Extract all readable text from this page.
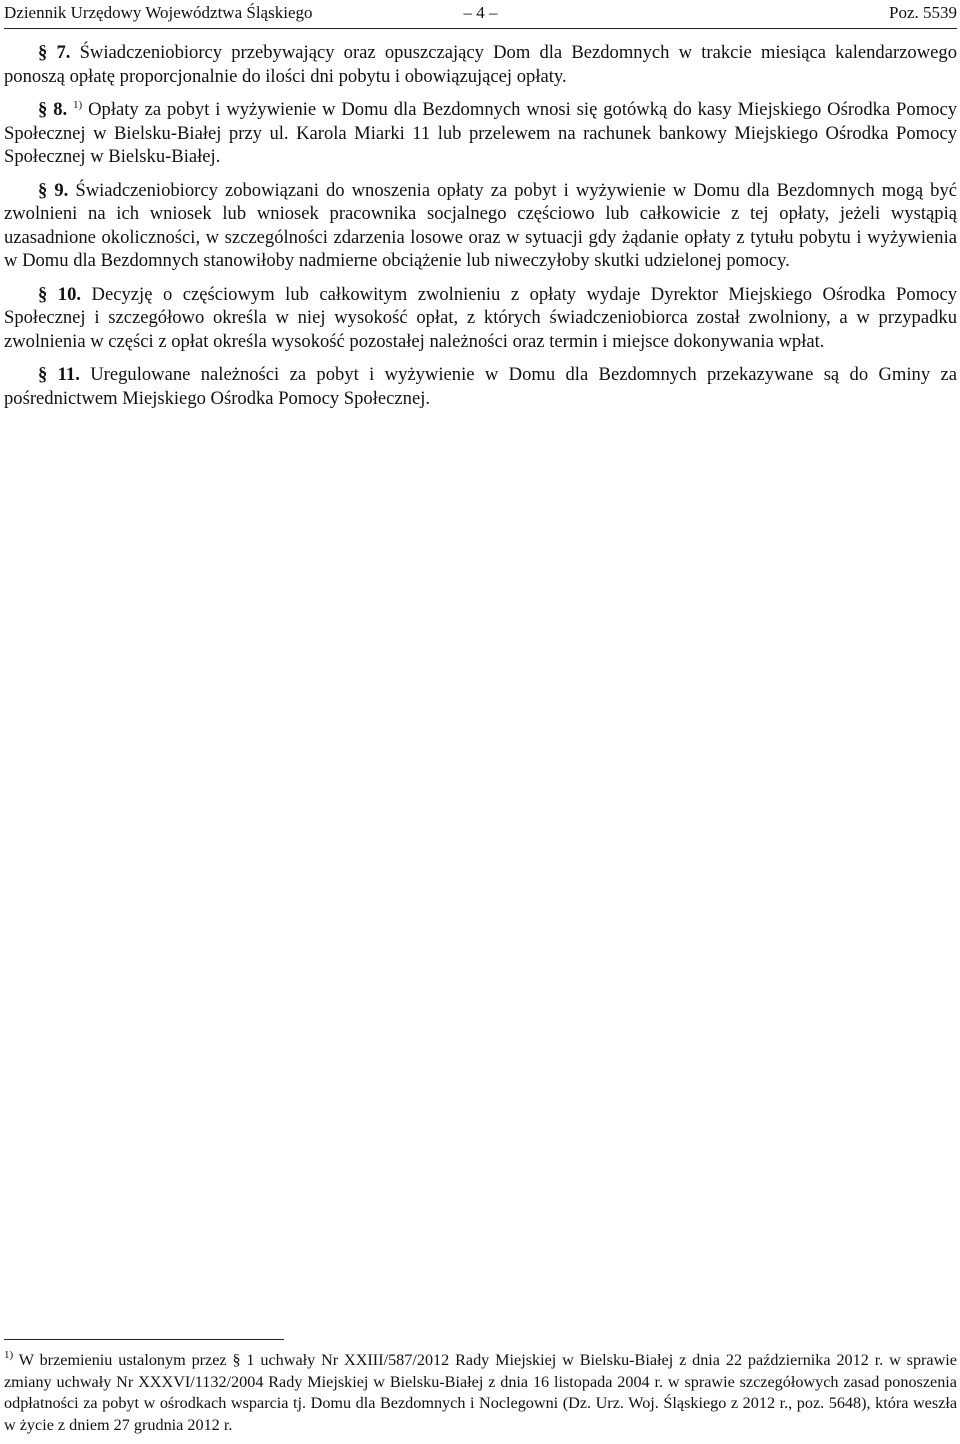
Dziennik Urzędowy Województwa Śląskiego	– 4 –	Poz. 5539

§ 7. Świadczeniobiorcy przebywający oraz opuszczający Dom dla Bezdomnych w trakcie miesiąca kalendarzowego ponoszą opłatę proporcjonalnie do ilości dni pobytu i obowiązującej opłaty.

§ 8. $^{1)}$ Opłaty za pobyt i wyżywienie w Domu dla Bezdomnych wnosi się gotówką do kasy Miejskiego Ośrodka Pomocy Społecznej w Bielsku-Białej przy ul. Karola Miarki 11 lub przelewem na rachunek bankowy Miejskiego Ośrodka Pomocy Społecznej w Bielsku-Białej.

§ 9. Świadczeniobiorcy zobowiązani do wnoszenia opłaty za pobyt i wyżywienie w Domu dla Bezdomnych mogą być zwolnieni na ich wniosek lub wniosek pracownika socjalnego częściowo lub całkowicie z tej opłaty, jeżeli wystąpią uzasadnione okoliczności, w szczególności zdarzenia losowe oraz w sytuacji gdy żądanie opłaty z tytułu pobytu i wyżywienia w Domu dla Bezdomnych stanowiłoby nadmierne obciążenie lub niweczyłoby skutki udzielonej pomocy.

§ 10. Decyzję o częściowym lub całkowitym zwolnieniu z opłaty wydaje Dyrektor Miejskiego Ośrodka Pomocy Społecznej i szczegółowo określa w niej wysokość opłat, z których świadczeniobiorca został zwolniony, a w przypadku zwolnienia w części z opłat określa wysokość pozostałej należności oraz termin i miejsce dokonywania wpłat.

§ 11. Uregulowane należności za pobyt i wyżywienie w Domu dla Bezdomnych przekazywane są do Gminy za pośrednictwem Miejskiego Ośrodka Pomocy Społecznej.

$^{1)}$ W brzemieniu ustalonym przez § 1 uchwały Nr XXIII/587/2012 Rady Miejskiej w Bielsku-Białej z dnia 22 października 2012 r. w sprawie zmiany uchwały Nr XXXVI/1132/2004 Rady Miejskiej w Bielsku-Białej z dnia 16 listopada 2004 r. w sprawie szczegółowych zasad ponoszenia odpłatności za pobyt w ośrodkach wsparcia tj. Domu dla Bezdomnych i Noclegowni (Dz. Urz. Woj. Śląskiego z 2012 r., poz. 5648), która weszła w życie z dniem 27 grudnia 2012 r.
